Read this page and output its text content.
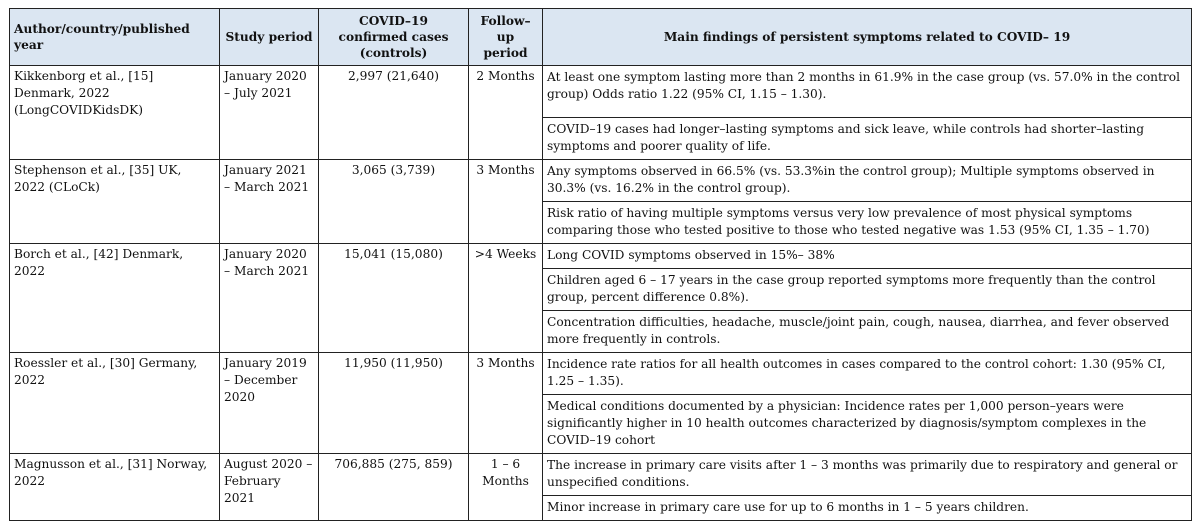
Author/country/published year	Study period	COVID–19 confirmed cases (controls)	Follow–up period	Main findings of persistent symptoms related to COVID– 19
Kikkenborg et al., [15] Denmark, 2022 (LongCOVIDKidsDK)	January 2020 – July 2021	2,997 (21,640)	2 Months	At least one symptom lasting more than 2 months in 61.9% in the case group (vs. 57.0% in the control group) Odds ratio 1.22 (95% CI, 1.15 – 1.30).
				COVID–19 cases had longer–lasting symptoms and sick leave, while controls had shorter–lasting symptoms and poorer quality of life.
Stephenson et al., [35] UK, 2022 (CLoCk)	January 2021 – March 2021	3,065 (3,739)	3 Months	Any symptoms observed in 66.5% (vs. 53.3%in the control group); Multiple symptoms observed in 30.3% (vs. 16.2% in the control group).
				Risk ratio of having multiple symptoms versus very low prevalence of most physical symptoms comparing those who tested positive to those who tested negative was 1.53 (95% CI, 1.35 – 1.70)
Borch et al., [42] Denmark, 2022	January 2020 – March 2021	15,041 (15,080)	>4 Weeks	Long COVID symptoms observed in 15%– 38%
				Children aged 6 – 17 years in the case group reported symptoms more frequently than the control group, percent difference 0.8%).
				Concentration difficulties, headache, muscle/joint pain, cough, nausea, diarrhea, and fever observed more frequently in controls.
Roessler et al., [30] Germany, 2022	January 2019 – December 2020	11,950 (11,950)	3 Months	Incidence rate ratios for all health outcomes in cases compared to the control cohort: 1.30 (95% CI, 1.25 – 1.35).
				Medical conditions documented by a physician: Incidence rates per 1,000 person–years were significantly higher in 10 health outcomes characterized by diagnosis/symptom complexes in the COVID–19 cohort
Magnusson et al., [31] Norway, 2022	August 2020 – February 2021	706,885 (275, 859)	1 – 6 Months	The increase in primary care visits after 1 – 3 months was primarily due to respiratory and general or unspecified conditions.
				Minor increase in primary care use for up to 6 months in 1 – 5 years children.
